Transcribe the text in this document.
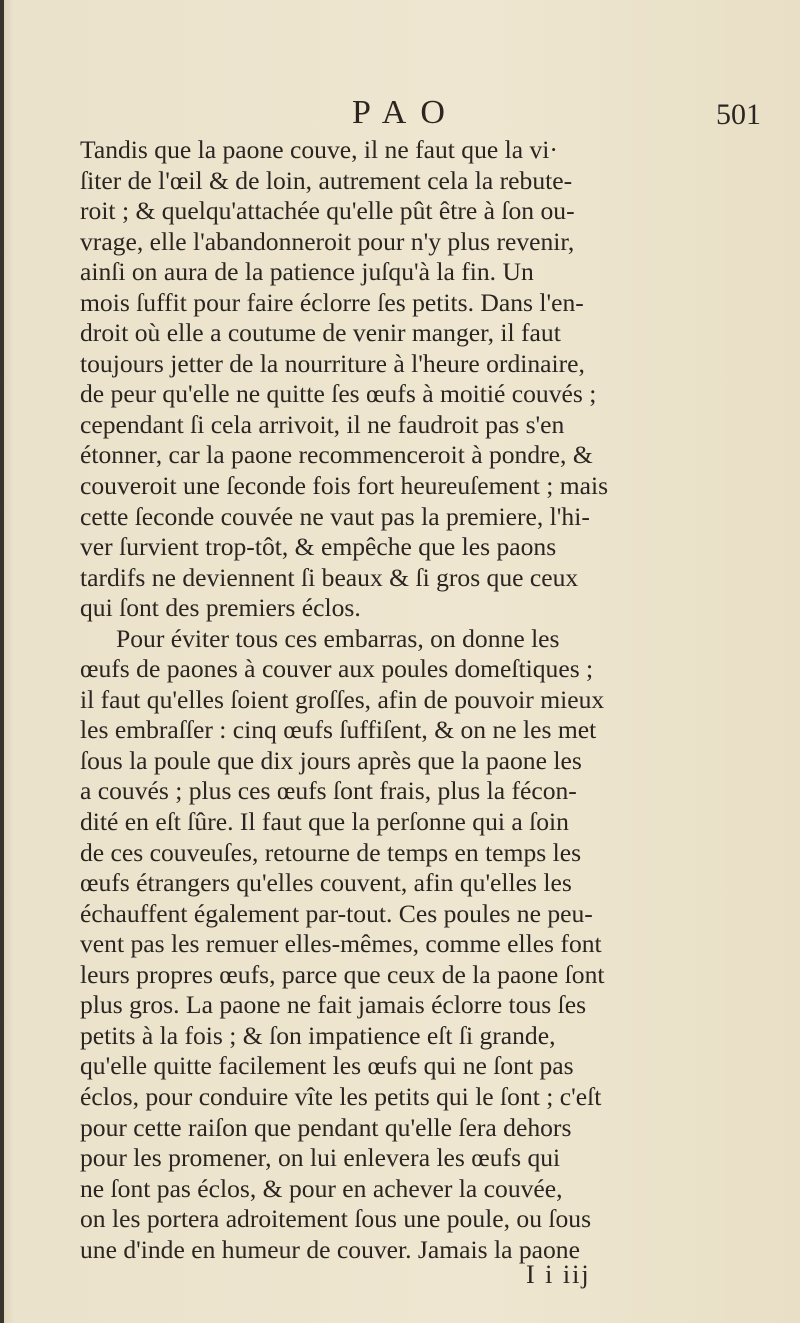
PAO	501
Tandis que la paone couve, il ne faut que la vi·
ſiter de l'œil & de loin, autrement cela la rebute-
roit ; & quelqu'attachée qu'elle pût être à ſon ou-
vrage, elle l'abandonneroit pour n'y plus revenir,
ainſi on aura de la patience juſqu'à la fin. Un
mois ſuffit pour faire éclorre ſes petits. Dans l'en-
droit où elle a coutume de venir manger, il faut
toujours jetter de la nourriture à l'heure ordinaire,
de peur qu'elle ne quitte ſes œufs à moitié couvés ;
cependant ſi cela arrivoit, il ne faudroit pas s'en
étonner, car la paone recommenceroit à pondre, &
couveroit une ſeconde fois fort heureuſement ; mais
cette ſeconde couvée ne vaut pas la premiere, l'hi-
ver ſurvient trop-tôt, & empêche que les paons
tardifs ne deviennent ſi beaux & ſi gros que ceux
qui ſont des premiers éclos.
Pour éviter tous ces embarras, on donne les
œufs de paones à couver aux poules domeſtiques ;
il faut qu'elles ſoient groſſes, afin de pouvoir mieux
les embraſſer : cinq œufs ſuffiſent, & on ne les met
ſous la poule que dix jours après que la paone les
a couvés ; plus ces œufs ſont frais, plus la fécon-
dité en eſt ſûre. Il faut que la perſonne qui a ſoin
de ces couveuſes, retourne de temps en temps les
œufs étrangers qu'elles couvent, afin qu'elles les
échauffent également par-tout. Ces poules ne peu-
vent pas les remuer elles-mêmes, comme elles font
leurs propres œufs, parce que ceux de la paone ſont
plus gros. La paone ne fait jamais éclorre tous ſes
petits à la fois ; & ſon impatience eſt ſi grande,
qu'elle quitte facilement les œufs qui ne ſont pas
éclos, pour conduire vîte les petits qui le ſont ; c'eſt
pour cette raiſon que pendant qu'elle ſera dehors
pour les promener, on lui enlevera les œufs qui
ne ſont pas éclos, & pour en achever la couvée,
on les portera adroitement ſous une poule, ou ſous
une d'inde en humeur de couver. Jamais la paone
I i iij
